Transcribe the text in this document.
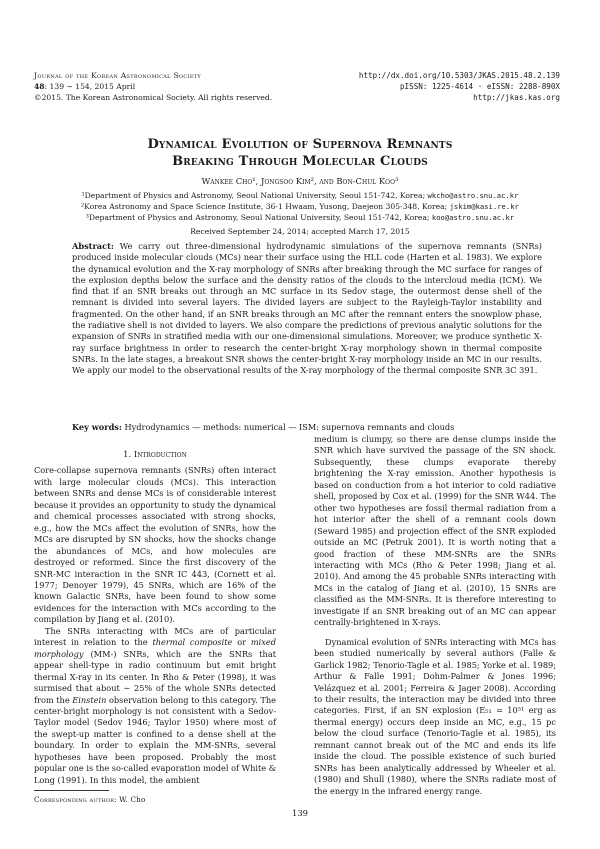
Journal of the Korean Astronomical Society
48: 139 ∼ 154, 2015 April
©2015. The Korean Astronomical Society. All rights reserved.
http://dx.doi.org/10.5303/JKAS.2015.48.2.139
pISSN: 1225-4614 · eISSN: 2288-890X
http://jkas.kas.org
Dynamical Evolution of Supernova Remnants
Breaking Through Molecular Clouds
Wankee Cho¹, Jongsoo Kim², and Bon-Chul Koo³
¹Department of Physics and Astronomy, Seoul National University, Seoul 151-742, Korea; wkcho@astro.snu.ac.kr
²Korea Astronomy and Space Science Institute, 36-1 Hwaam, Yusong, Daejeon 305-348, Korea; jskim@kasi.re.kr
³Department of Physics and Astronomy, Seoul National University, Seoul 151-742, Korea; koo@astro.snu.ac.kr
Received September 24, 2014; accepted March 17, 2015
Abstract: We carry out three-dimensional hydrodynamic simulations of the supernova remnants (SNRs) produced inside molecular clouds (MCs) near their surface using the HLL code (Harten et al. 1983). We explore the dynamical evolution and the X-ray morphology of SNRs after breaking through the MC surface for ranges of the explosion depths below the surface and the density ratios of the clouds to the intercloud media (ICM). We find that if an SNR breaks out through an MC surface in its Sedov stage, the outermost dense shell of the remnant is divided into several layers. The divided layers are subject to the Rayleigh-Taylor instability and fragmented. On the other hand, if an SNR breaks through an MC after the remnant enters the snowplow phase, the radiative shell is not divided to layers. We also compare the predictions of previous analytic solutions for the expansion of SNRs in stratified media with our one-dimensional simulations. Moreover, we produce synthetic X-ray surface brightness in order to research the center-bright X-ray morphology shown in thermal composite SNRs. In the late stages, a breakout SNR shows the center-bright X-ray morphology inside an MC in our results. We apply our model to the observational results of the X-ray morphology of the thermal composite SNR 3C 391.
Key words: Hydrodynamics — methods: numerical — ISM: supernova remnants and clouds
1. Introduction

Core-collapse supernova remnants (SNRs) often interact with large molecular clouds (MCs). This interaction between SNRs and dense MCs is of considerable interest because it provides an opportunity to study the dynamical and chemical processes associated with strong shocks, e.g., how the MCs affect the evolution of SNRs, how the MCs are disrupted by SN shocks, how the shocks change the abundances of MCs, and how molecules are destroyed or reformed. Since the first discovery of the SNR-MC interaction in the SNR IC 443, (Cornett et al. 1977; Denoyer 1979), 45 SNRs, which are 16% of the known Galactic SNRs, have been found to show some evidences for the interaction with MCs according to the compilation by Jiang et al. (2010).

The SNRs interacting with MCs are of particular interest in relation to the thermal composite or mixed morphology (MM-) SNRs, which are the SNRs that appear shell-type in radio continuum but emit bright thermal X-ray in its center. In Rho & Peter (1998), it was surmised that about ∼ 25% of the whole SNRs detected from the Einstein observation belong to this category. The center-bright morphology is not consistent with a Sedov-Taylor model (Sedov 1946; Taylor 1950) where most of the swept-up matter is confined to a dense shell at the boundary. In order to explain the MM-SNRs, several hypotheses have been proposed. Probably the most popular one is the so-called evaporation model of White & Long (1991). In this model, the ambient

medium is clumpy, so there are dense clumps inside the SNR which have survived the passage of the SN shock. Subsequently, these clumps evaporate thereby brightening the X-ray emission. Another hypothesis is based on conduction from a hot interior to cold radiative shell, proposed by Cox et al. (1999) for the SNR W44. The other two hypotheses are fossil thermal radiation from a hot interior after the shell of a remnant cools down (Seward 1985) and projection effect of the SNR exploded outside an MC (Petruk 2001). It is worth noting that a good fraction of these MM-SNRs are the SNRs interacting with MCs (Rho & Peter 1998; Jiang et al. 2010). And among the 45 probable SNRs interacting with MCs in the catalog of Jiang et al. (2010), 15 SNRs are classified as the MM-SNRs. It is therefore interesting to investigate if an SNR breaking out of an MC can appear centrally-brightened in X-rays.

Dynamical evolution of SNRs interacting with MCs has been studied numerically by several authors (Falle & Garlick 1982; Tenorio-Tagle et al. 1985; Yorke et al. 1989; Arthur & Falle 1991; Dohm-Palmer & Jones 1996; Velázquez et al. 2001; Ferreira & Jager 2008). According to their results, the interaction may be divided into three categories. First, if an SN explosion (E₅₁ = 10⁵¹ erg as thermal energy) occurs deep inside an MC, e.g., 15 pc below the cloud surface (Tenorio-Tagle et al. 1985), its remnant cannot break out of the MC and ends its life inside the cloud. The possible existence of such buried SNRs has been analytically addressed by Wheeler et al. (1980) and Shull (1980), where the SNRs radiate most of the energy in the infrared energy range.

Corresponding author: W. Cho
139
